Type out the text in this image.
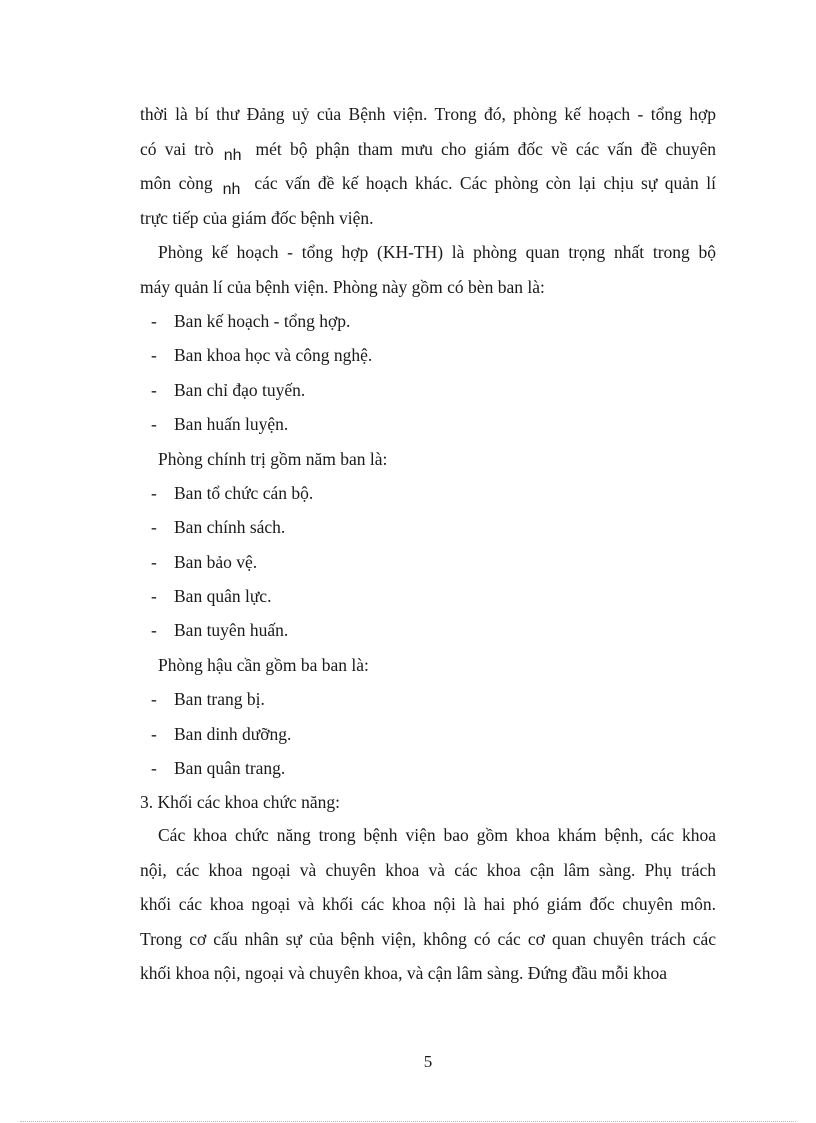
thời là bí thư Đảng uỷ của Bệnh viện. Trong đó, phòng kế hoạch - tổng hợp
có vai trò nh mét bộ phận tham mưu cho giám đốc về các vấn đề chuyên
môn còng nh các vấn đề kế hoạch khác. Các phòng còn lại chịu sự quản lí
trực tiếp của giám đốc bệnh viện.
Phòng kế hoạch - tổng hợp (KH-TH) là phòng quan trọng nhất trong bộ
máy quản lí của bệnh viện. Phòng này gồm có bèn ban là:
- Ban kế hoạch - tổng hợp.
- Ban khoa học và công nghệ.
- Ban chỉ đạo tuyến.
- Ban huấn luyện.
Phòng chính trị gồm năm ban là:
- Ban tổ chức cán bộ.
- Ban chính sách.
- Ban bảo vệ.
- Ban quân lực.
- Ban tuyên huấn.
Phòng hậu cần gồm ba ban là:
- Ban trang bị.
- Ban dinh dưỡng.
- Ban quân trang.
3. Khối các khoa chức năng:
Các khoa chức năng trong bệnh viện bao gồm khoa khám bệnh, các khoa
nội, các khoa ngoại và chuyên khoa và các khoa cận lâm sàng. Phụ trách
khối các khoa ngoại và khối các khoa nội là hai phó giám đốc chuyên môn.
Trong cơ cấu nhân sự của bệnh viện, không có các cơ quan chuyên trách các
khối khoa nội, ngoại và chuyên khoa, và cận lâm sàng. Đứng đầu mỗi khoa
5
